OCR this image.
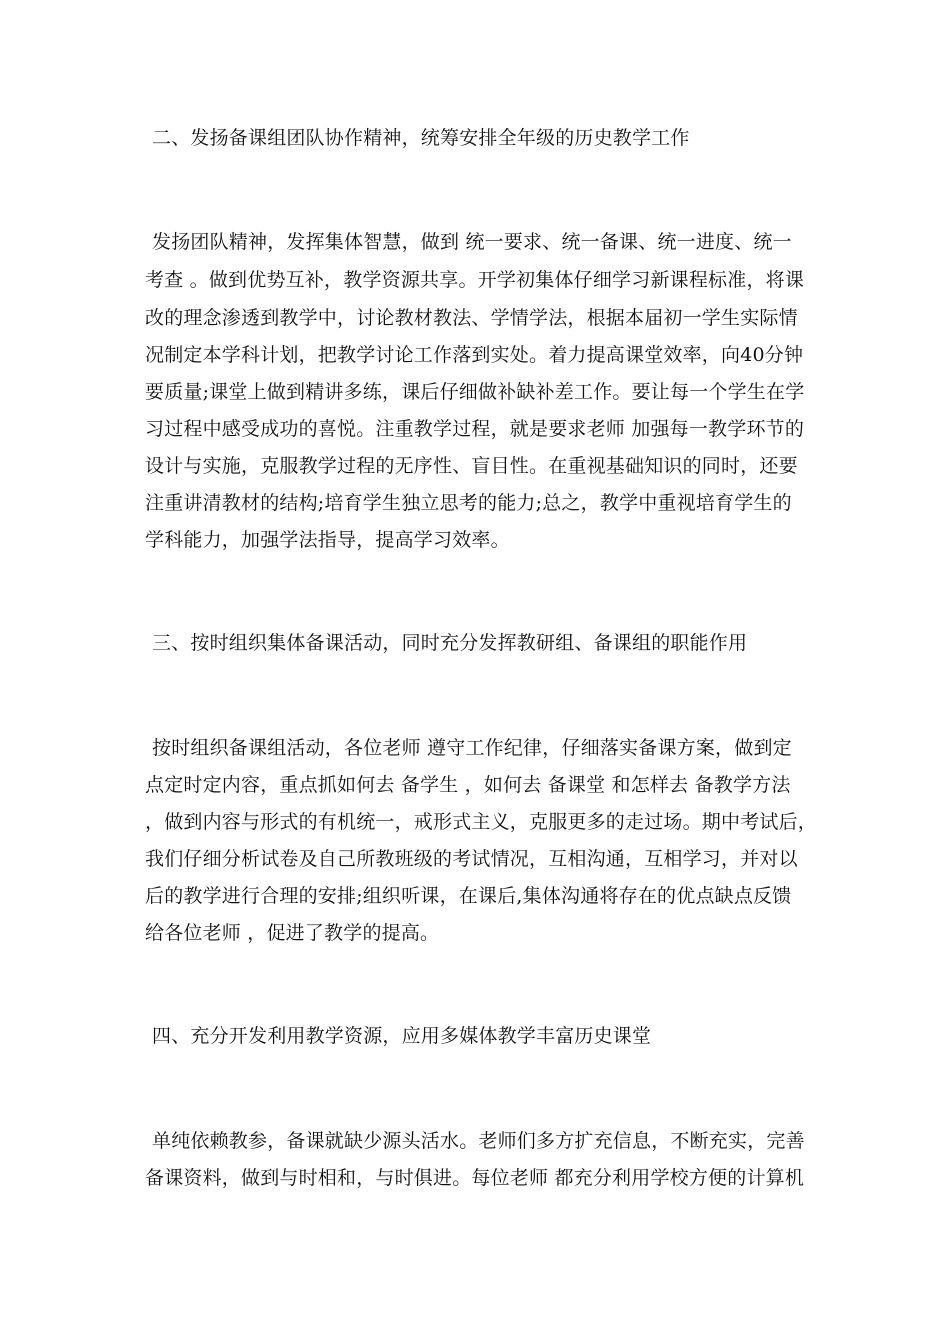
二、发扬备课组团队协作精神，统筹安排全年级的历史教学工作

发扬团队精神，发挥集体智慧，做到 统一要求、统一备课、统一进度、统一

考查 。做到优势互补，教学资源共享。开学初集体仔细学习新课程标准，将课

改的理念渗透到教学中，讨论教材教法、学情学法，根据本届初一学生实际情

况制定本学科计划，把教学讨论工作落到实处。着力提高课堂效率，向40分钟

要质量;课堂上做到精讲多练，课后仔细做补缺补差工作。要让每一个学生在学

习过程中感受成功的喜悦。注重教学过程，就是要求老师 加强每一教学环节的

设计与实施，克服教学过程的无序性、盲目性。在重视基础知识的同时，还要

注重讲清教材的结构;培育学生独立思考的能力;总之，教学中重视培育学生的

学科能力，加强学法指导，提高学习效率。

三、按时组织集体备课活动，同时充分发挥教研组、备课组的职能作用

按时组织备课组活动，各位老师 遵守工作纪律，仔细落实备课方案，做到定

点定时定内容，重点抓如何去 备学生 ，如何去 备课堂 和怎样去 备教学方法

，做到内容与形式的有机统一，戒形式主义，克服更多的走过场。期中考试后，

我们仔细分析试卷及自己所教班级的考试情况，互相沟通，互相学习，并对以

后的教学进行合理的安排;组织听课，在课后,集体沟通将存在的优点缺点反馈

给各位老师 ，促进了教学的提高。

四、充分开发利用教学资源，应用多媒体教学丰富历史课堂

单纯依赖教参，备课就缺少源头活水。老师们多方扩充信息，不断充实，完善

备课资料，做到与时相和，与时俱进。每位老师 都充分利用学校方便的计算机
